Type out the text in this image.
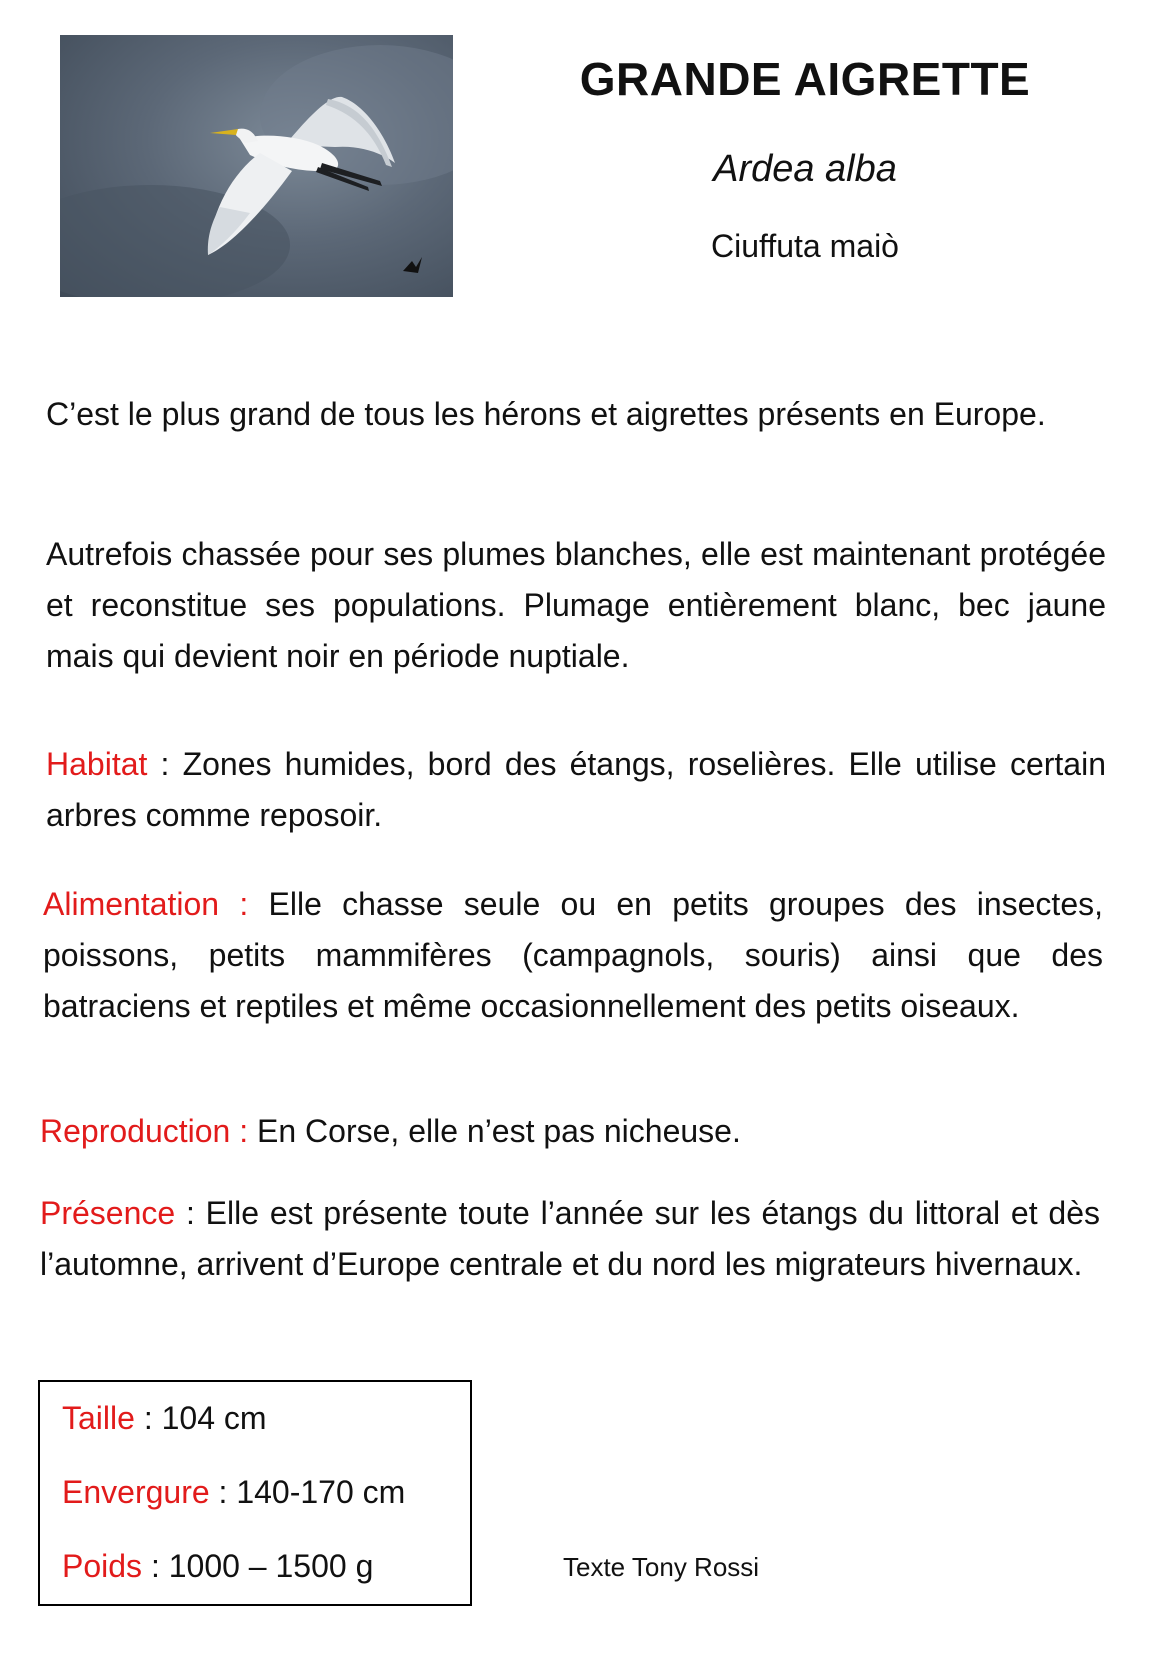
GRANDE AIGRETTE
Ardea alba
Ciuffuta maiò

C’est le plus grand de tous les hérons et aigrettes présents en Europe.

Autrefois chassée pour ses plumes blanches, elle est maintenant protégée et reconstitue ses populations. Plumage entièrement blanc, bec jaune mais qui devient noir en période nuptiale.

Habitat : Zones humides, bord des étangs, roselières. Elle utilise certain arbres comme reposoir.

Alimentation : Elle chasse seule ou en petits groupes des insectes, poissons, petits mammifères (campagnols, souris) ainsi que des batraciens et reptiles et même occasionnellement des petits oiseaux.

Reproduction : En Corse, elle n’est pas nicheuse.

Présence : Elle est présente toute l’année sur les étangs du littoral et dès l’automne, arrivent d’Europe centrale et du nord les migrateurs hivernaux.

Taille : 104 cm
Envergure : 140-170 cm
Poids : 1000 – 1500 g	Texte Tony Rossi
